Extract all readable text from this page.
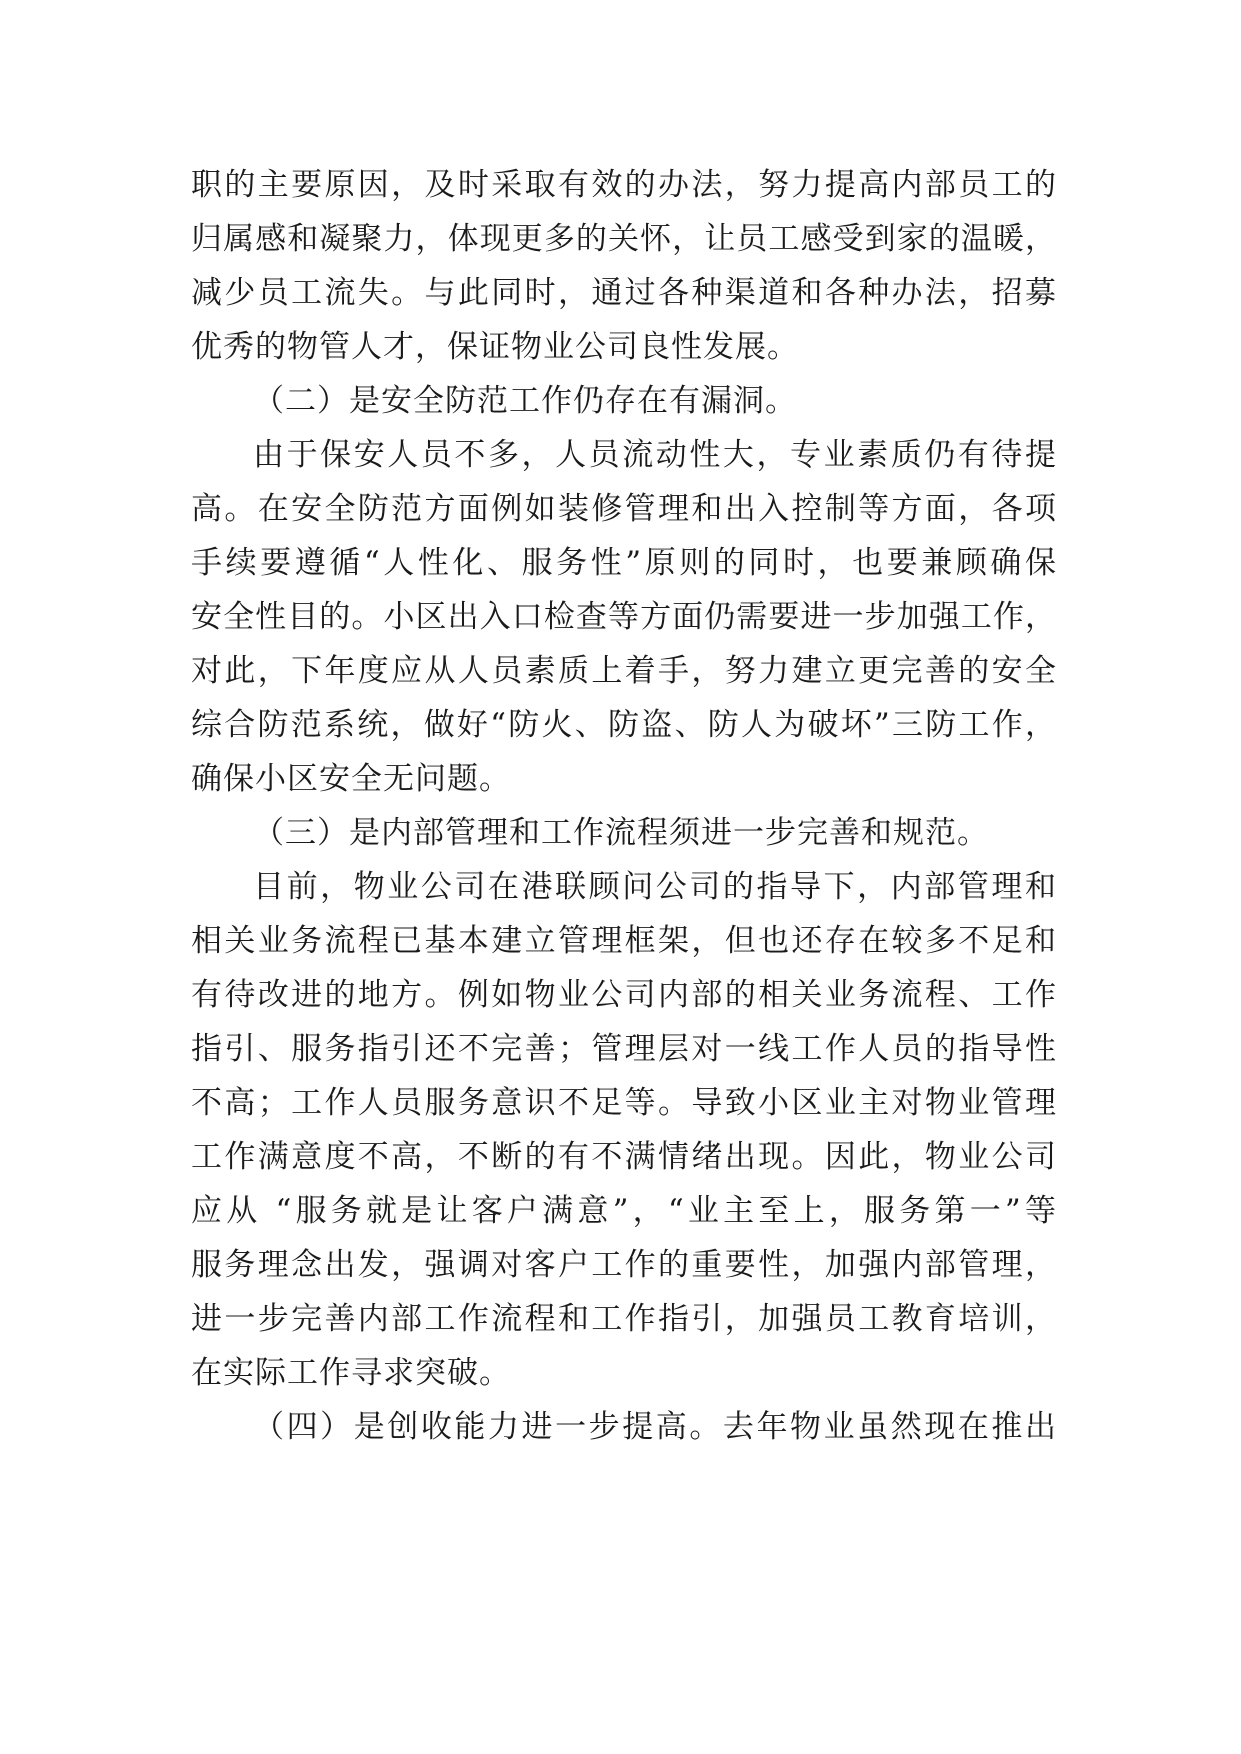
职的主要原因，及时采取有效的办法，努力提高内部员工的
归属感和凝聚力，体现更多的关怀，让员工感受到家的温暖，
减少员工流失。与此同时，通过各种渠道和各种办法，招募
优秀的物管人才，保证物业公司良性发展。
（二）是安全防范工作仍存在有漏洞。
由于保安人员不多，人员流动性大，专业素质仍有待提
高。在安全防范方面例如装修管理和出入控制等方面，各项
手续要遵循“人性化、服务性”原则的同时，也要兼顾确保
安全性目的。小区出入口检查等方面仍需要进一步加强工作，
对此，下年度应从人员素质上着手，努力建立更完善的安全
综合防范系统，做好“防火、防盗、防人为破坏”三防工作，
确保小区安全无问题。
（三）是内部管理和工作流程须进一步完善和规范。
目前，物业公司在港联顾问公司的指导下，内部管理和
相关业务流程已基本建立管理框架，但也还存在较多不足和
有待改进的地方。例如物业公司内部的相关业务流程、工作
指引、服务指引还不完善；管理层对一线工作人员的指导性
不高；工作人员服务意识不足等。导致小区业主对物业管理
工作满意度不高，不断的有不满情绪出现。因此，物业公司
应从 “服务就是让客户满意”，“业主至上，服务第一”等
服务理念出发，强调对客户工作的重要性，加强内部管理，
进一步完善内部工作流程和工作指引，加强员工教育培训，
在实际工作寻求突破。
（四）是创收能力进一步提高。去年物业虽然现在推出
